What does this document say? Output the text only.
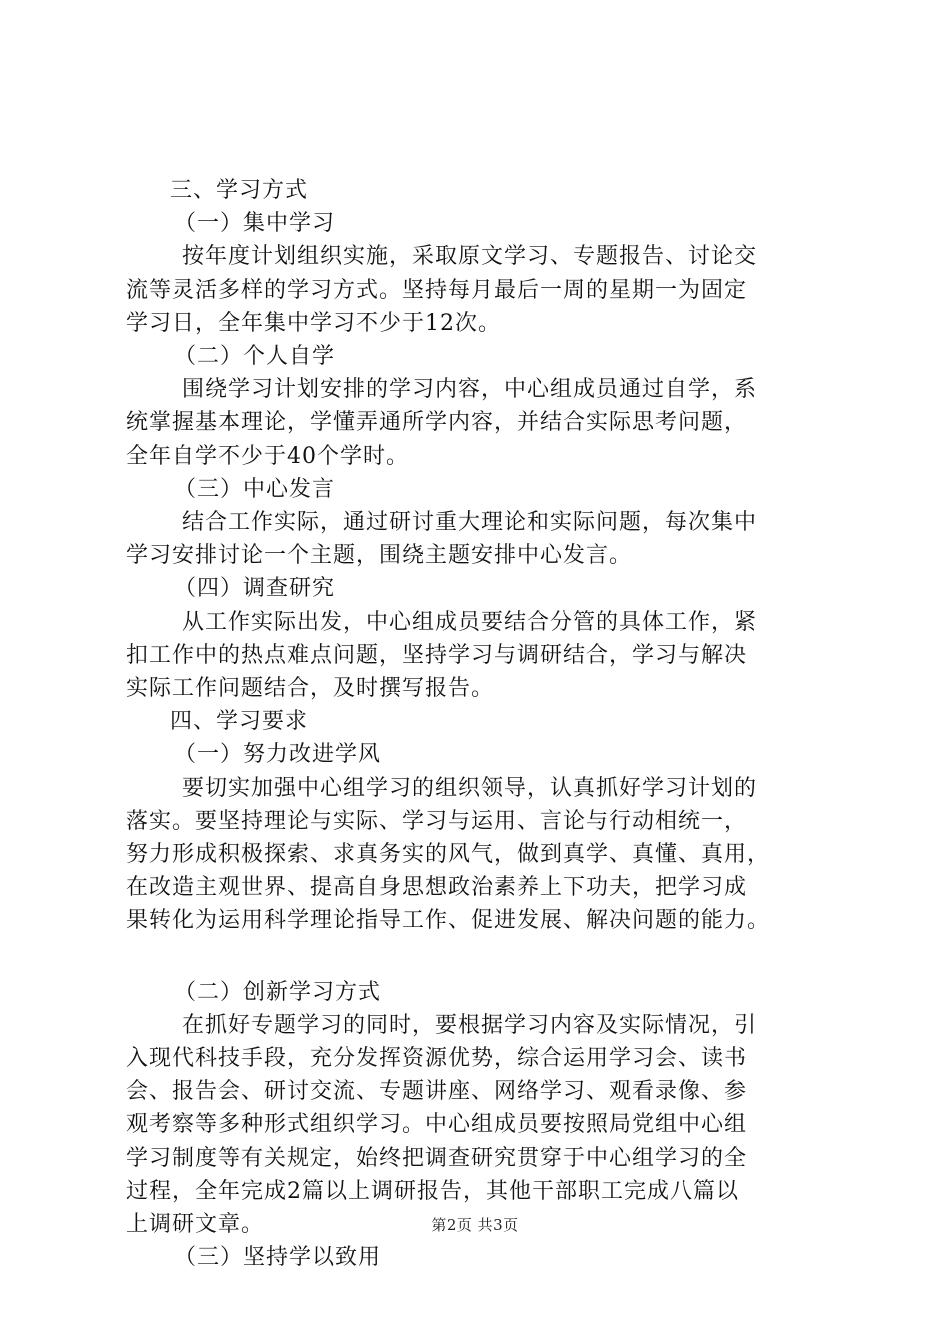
三、学习方式

（一）集中学习

按年度计划组织实施，采取原文学习、专题报告、讨论交

流等灵活多样的学习方式。坚持每月最后一周的星期一为固定

学习日，全年集中学习不少于12次。

（二）个人自学

围绕学习计划安排的学习内容，中心组成员通过自学，系

统掌握基本理论，学懂弄通所学内容，并结合实际思考问题，

全年自学不少于40个学时。

（三）中心发言

结合工作实际，通过研讨重大理论和实际问题，每次集中

学习安排讨论一个主题，围绕主题安排中心发言。

（四）调查研究

从工作实际出发，中心组成员要结合分管的具体工作，紧

扣工作中的热点难点问题，坚持学习与调研结合，学习与解决

实际工作问题结合，及时撰写报告。

四、学习要求

（一）努力改进学风

要切实加强中心组学习的组织领导，认真抓好学习计划的

落实。要坚持理论与实际、学习与运用、言论与行动相统一，

努力形成积极探索、求真务实的风气，做到真学、真懂、真用，

在改造主观世界、提高自身思想政治素养上下功夫，把学习成

果转化为运用科学理论指导工作、促进发展、解决问题的能力。

（二）创新学习方式

在抓好专题学习的同时，要根据学习内容及实际情况，引

入现代科技手段，充分发挥资源优势，综合运用学习会、读书

会、报告会、研讨交流、专题讲座、网络学习、观看录像、参

观考察等多种形式组织学习。中心组成员要按照局党组中心组

学习制度等有关规定，始终把调查研究贯穿于中心组学习的全

过程，全年完成2篇以上调研报告，其他干部职工完成八篇以

上调研文章。

（三）坚持学以致用

第2页 共3页
